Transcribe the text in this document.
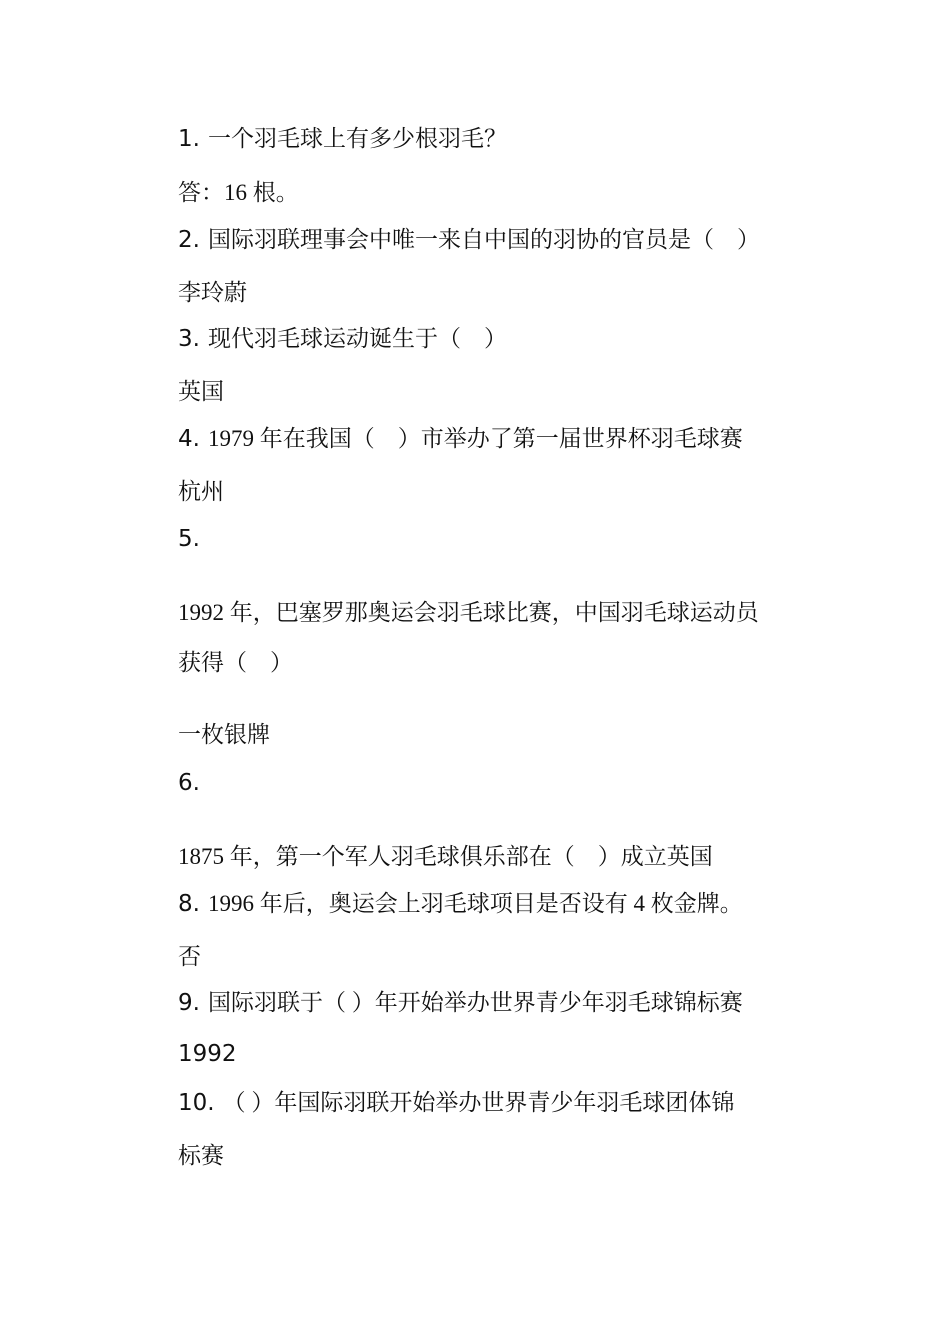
1. 一个羽毛球上有多少根羽毛？
答：16 根。
2. 国际羽联理事会中唯一来自中国的羽协的官员是（　）
李玲蔚
3. 现代羽毛球运动诞生于（　）
英国
4. 1979 年在我国（　）市举办了第一届世界杯羽毛球赛
杭州
5.
1992 年，巴塞罗那奥运会羽毛球比赛，中国羽毛球运动员
获得（　）
一枚银牌
6.
1875 年，第一个军人羽毛球俱乐部在（　）成立英国
8. 1996 年后，奥运会上羽毛球项目是否设有 4 枚金牌。
否
9. 国际羽联于（ ）年开始举办世界青少年羽毛球锦标赛
1992
10. （ ）年国际羽联开始举办世界青少年羽毛球团体锦
标赛
